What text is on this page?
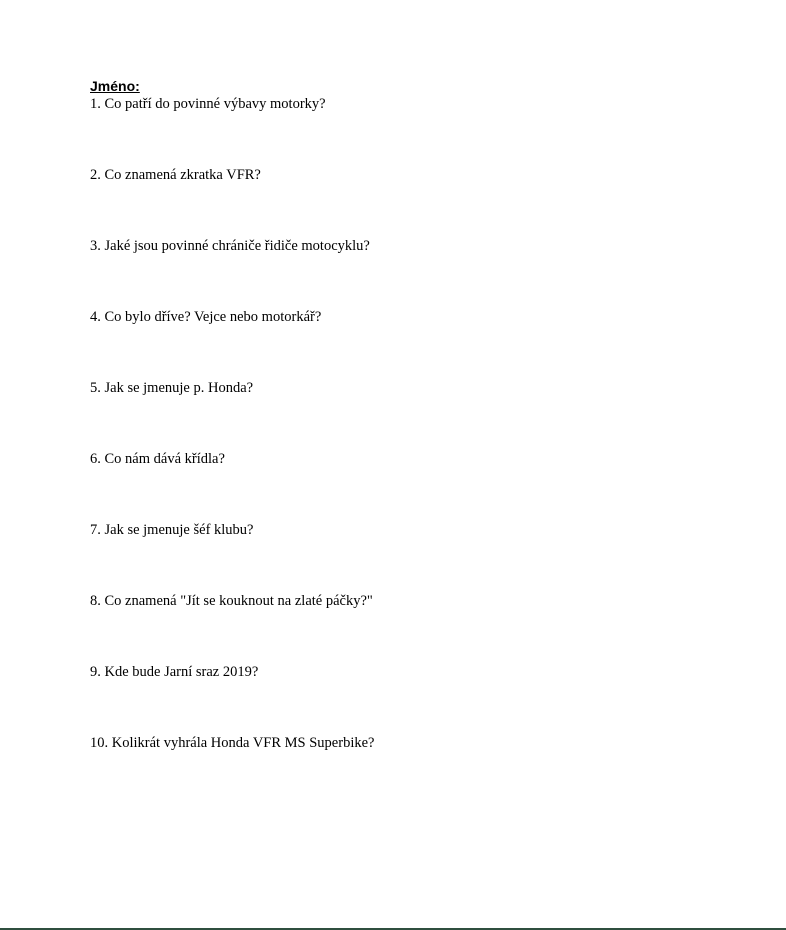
Jméno:
1. Co patří do povinné výbavy motorky?
2. Co znamená zkratka VFR?
3. Jaké jsou povinné chrániče řidiče motocyklu?
4. Co bylo dříve? Vejce nebo motorkář?
5. Jak se jmenuje p. Honda?
6. Co nám dává křídla?
7. Jak se jmenuje šéf klubu?
8. Co znamená "Jít se kouknout na zlaté páčky?"
9. Kde bude Jarní sraz 2019?
10. Kolikrát vyhrála Honda VFR MS Superbike?
